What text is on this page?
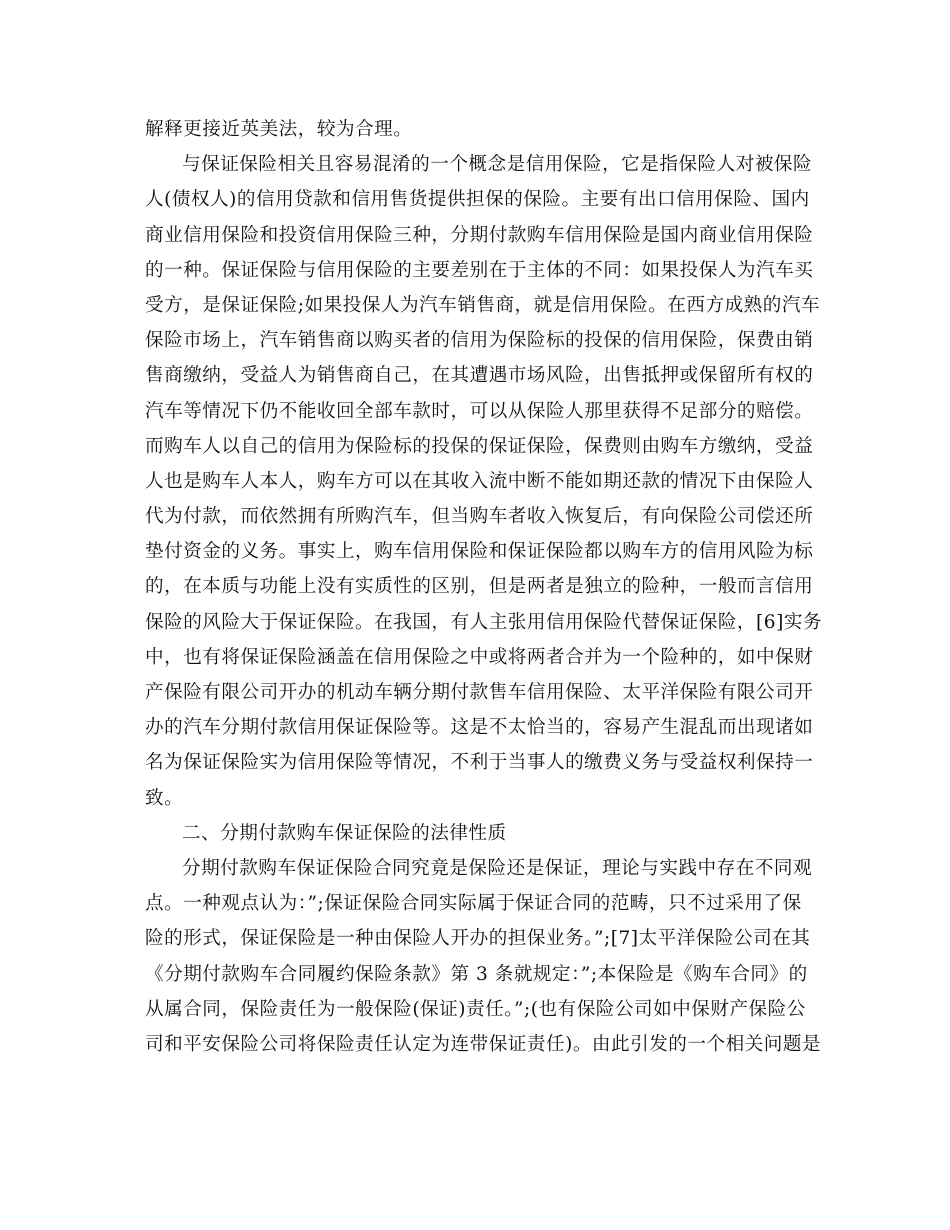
解释更接近英美法，较为合理。
与保证保险相关且容易混淆的一个概念是信用保险，它是指保险人对被保险
人(债权人)的信用贷款和信用售货提供担保的保险。主要有出口信用保险、国内
商业信用保险和投资信用保险三种，分期付款购车信用保险是国内商业信用保险
的一种。保证保险与信用保险的主要差别在于主体的不同：如果投保人为汽车买
受方，是保证保险;如果投保人为汽车销售商，就是信用保险。在西方成熟的汽车
保险市场上，汽车销售商以购买者的信用为保险标的投保的信用保险，保费由销
售商缴纳，受益人为销售商自己，在其遭遇市场风险，出售抵押或保留所有权的
汽车等情况下仍不能收回全部车款时，可以从保险人那里获得不足部分的赔偿。
而购车人以自己的信用为保险标的投保的保证保险，保费则由购车方缴纳，受益
人也是购车人本人，购车方可以在其收入流中断不能如期还款的情况下由保险人
代为付款，而依然拥有所购汽车，但当购车者收入恢复后，有向保险公司偿还所
垫付资金的义务。事实上，购车信用保险和保证保险都以购车方的信用风险为标
的，在本质与功能上没有实质性的区别，但是两者是独立的险种，一般而言信用
保险的风险大于保证保险。在我国，有人主张用信用保险代替保证保险，[6]实务
中，也有将保证保险涵盖在信用保险之中或将两者合并为一个险种的，如中保财
产保险有限公司开办的机动车辆分期付款售车信用保险、太平洋保险有限公司开
办的汽车分期付款信用保证保险等。这是不太恰当的，容易产生混乱而出现诸如
名为保证保险实为信用保险等情况，不利于当事人的缴费义务与受益权利保持一
致。
二、分期付款购车保证保险的法律性质
分期付款购车保证保险合同究竟是保险还是保证，理论与实践中存在不同观
点。一种观点认为：”;保证保险合同实际属于保证合同的范畴，只不过采用了保
险的形式，保证保险是一种由保险人开办的担保业务。”;[7]太平洋保险公司在其
《分期付款购车合同履约保险条款》第 3 条就规定：”;本保险是《购车合同》的
从属合同，保险责任为一般保险(保证)责任。”;(也有保险公司如中保财产保险公
司和平安保险公司将保险责任认定为连带保证责任)。由此引发的一个相关问题是
